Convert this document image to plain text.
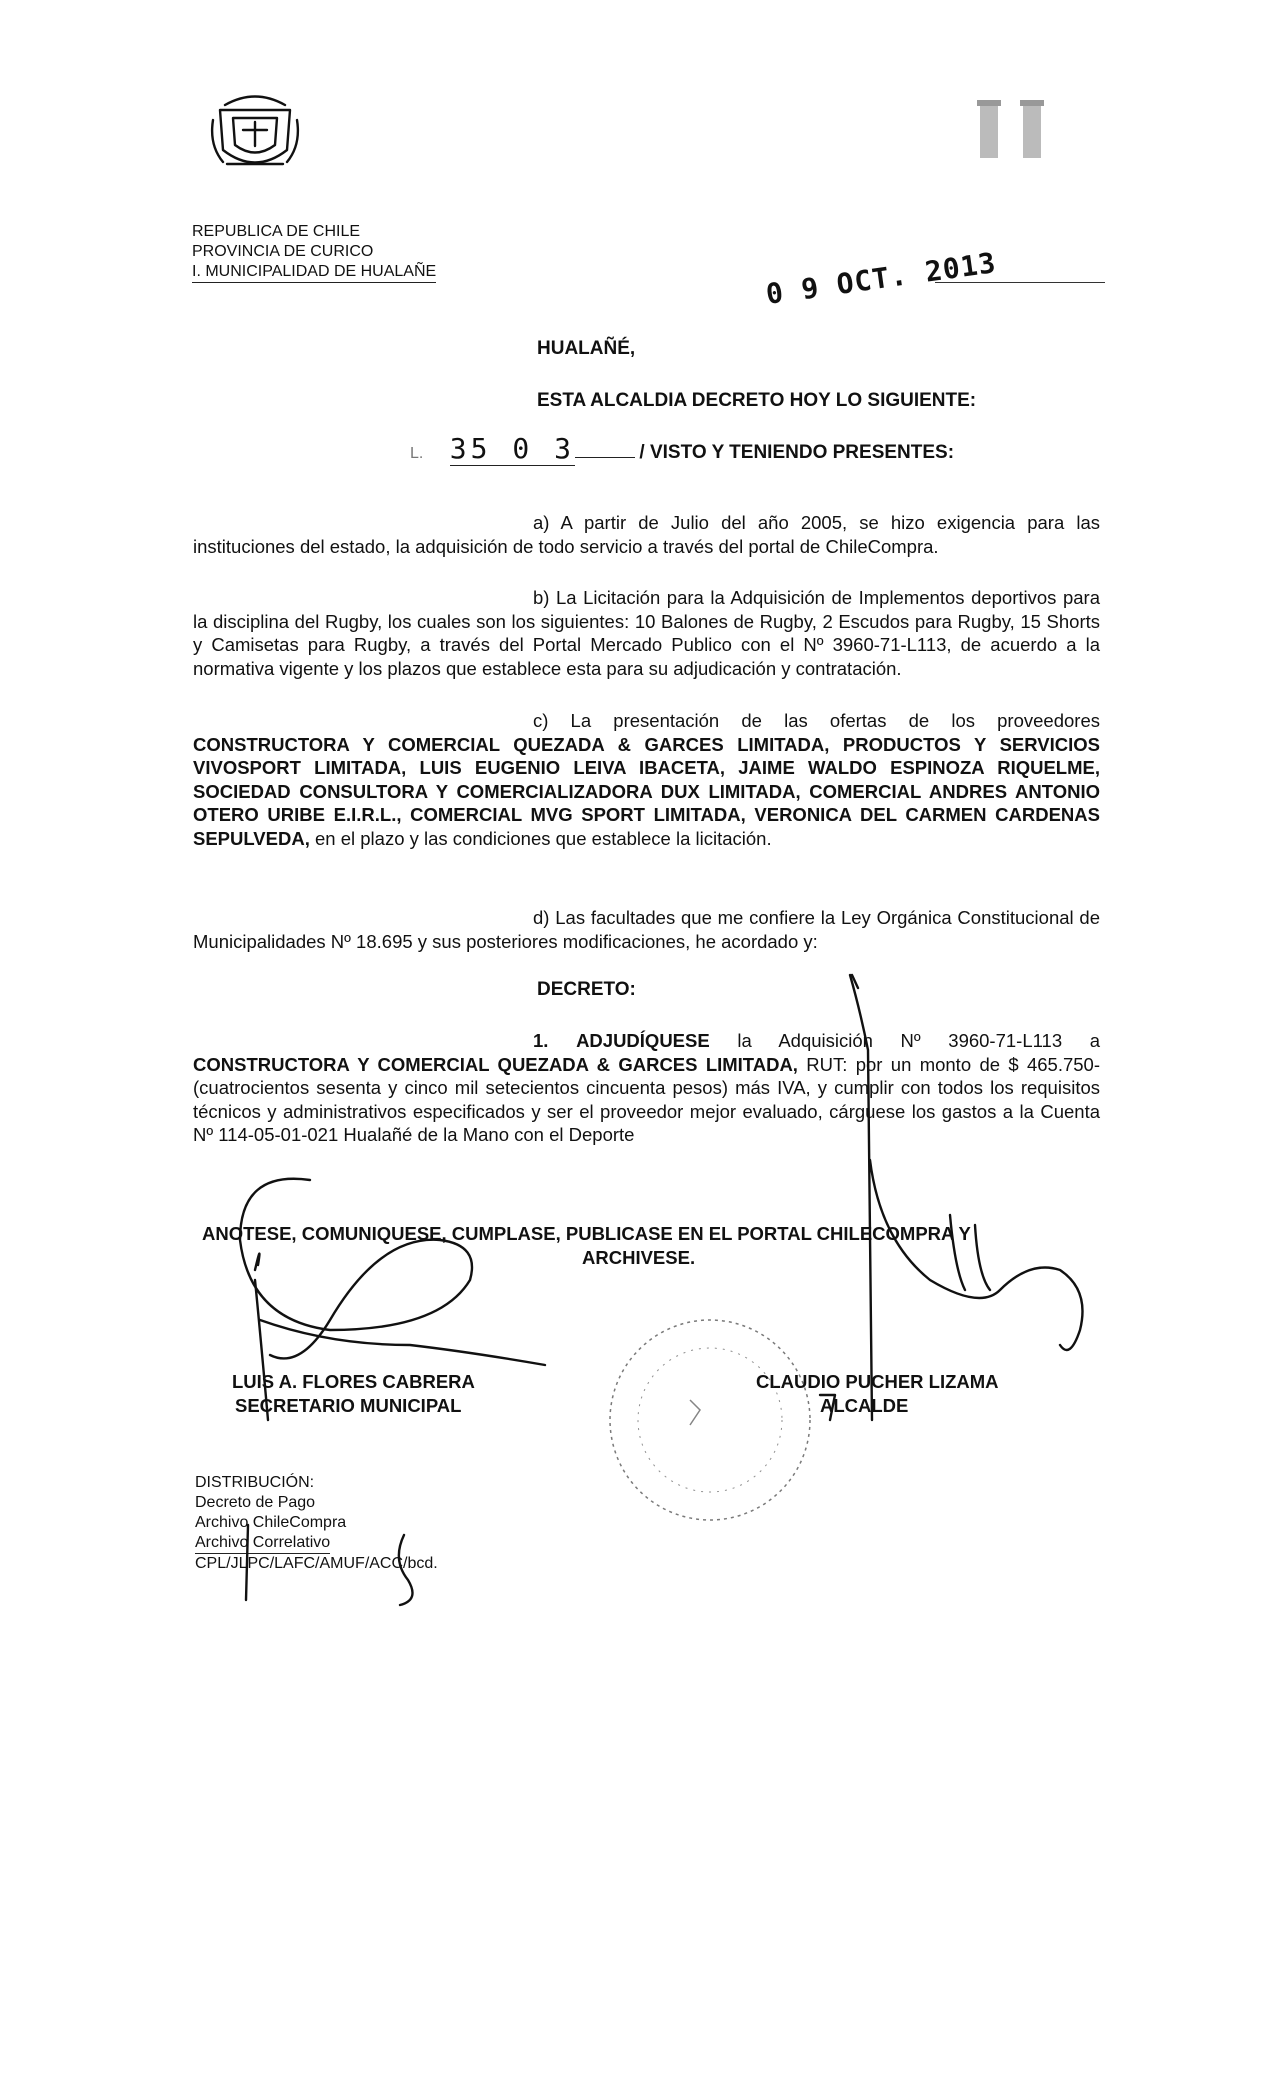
REPUBLICA DE CHILE
PROVINCIA DE CURICO
I. MUNICIPALIDAD DE HUALAÑE	0 9 OCT. 2013
HUALAÑÉ,
ESTA ALCALDIA DECRETO HOY LO SIGUIENTE:
L. 35 0 3	/ VISTO Y TENIENDO PRESENTES:
a) A partir de Julio del año 2005, se hizo exigencia para las instituciones del estado, la adquisición de todo servicio a través del portal de ChileCompra.
b) La Licitación para la Adquisición de Implementos deportivos para la disciplina del Rugby, los cuales son los siguientes: 10 Balones de Rugby, 2 Escudos para Rugby, 15 Shorts y Camisetas para Rugby, a través del Portal Mercado Publico con el Nº 3960-71-L113, de acuerdo a la normativa vigente y los plazos que establece esta para su adjudicación y contratación.
c) La presentación de las ofertas de los proveedores CONSTRUCTORA Y COMERCIAL QUEZADA & GARCES LIMITADA, PRODUCTOS Y SERVICIOS VIVOSPORT LIMITADA, LUIS EUGENIO LEIVA IBACETA, JAIME WALDO ESPINOZA RIQUELME, SOCIEDAD CONSULTORA Y COMERCIALIZADORA DUX LIMITADA, COMERCIAL ANDRES ANTONIO OTERO URIBE E.I.R.L., COMERCIAL MVG SPORT LIMITADA, VERONICA DEL CARMEN CARDENAS SEPULVEDA, en el plazo y las condiciones que establece la licitación.
d) Las facultades que me confiere la Ley Orgánica Constitucional de Municipalidades Nº 18.695 y sus posteriores modificaciones, he acordado y:
DECRETO:
1. ADJUDÍQUESE la Adquisición Nº 3960-71-L113 a CONSTRUCTORA Y COMERCIAL QUEZADA & GARCES LIMITADA, RUT: por un monto de $ 465.750- (cuatrocientos sesenta y cinco mil setecientos cincuenta pesos) más IVA, y cumplir con todos los requisitos técnicos y administrativos especificados y ser el proveedor mejor evaluado, cárguese los gastos a la Cuenta Nº 114-05-01-021 Hualañé de la Mano con el Deporte
ANOTESE, COMUNIQUESE, CUMPLASE, PUBLICASE EN EL PORTAL CHILECOMPRA Y
ARCHIVESE.
LUIS A. FLORES CABRERA
SECRETARIO MUNICIPAL
CLAUDIO PUCHER LIZAMA
ALCALDE
DISTRIBUCIÓN:
Decreto de Pago
Archivo ChileCompra
Archivo Correlativo
CPL/JLPC/LAFC/AMUF/ACC/bcd.
